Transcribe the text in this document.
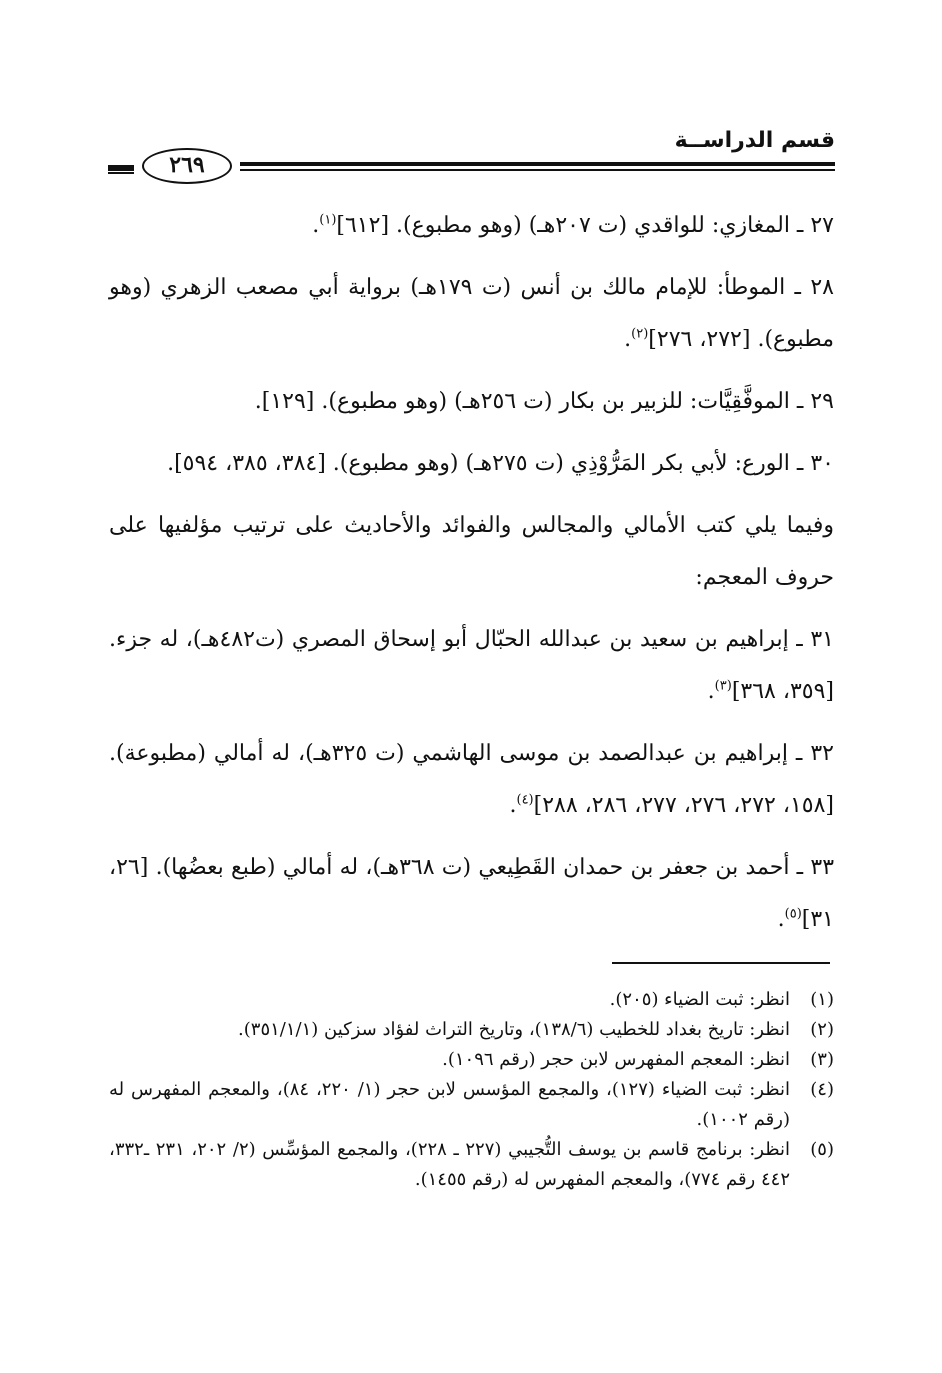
قسم الدراســة
٢٦٩

٢٧ ـ المغازي: للواقدي (ت ٢٠٧هـ) (وهو مطبوع). [٦١٢]$^{(١)}$.

٢٨ ـ الموطأ: للإمام مالك بن أنس (ت ١٧٩هـ) برواية أبي مصعب الزهري (وهو مطبوع). [٢٧٢، ٢٧٦]$^{(٢)}$.

٢٩ ـ الموفَّقِيَّات: للزبير بن بكار (ت ٢٥٦هـ) (وهو مطبوع). [١٢٩].

٣٠ ـ الورع: لأبي بكر المَرُّوْذِي (ت ٢٧٥هـ) (وهو مطبوع). [٣٨٤، ٣٨٥، ٥٩٤].

وفيما يلي كتب الأمالي والمجالس والفوائد والأحاديث على ترتيب مؤلفيها على حروف المعجم:

٣١ ـ إبراهيم بن سعيد بن عبدالله الحبّال أبو إسحاق المصري (ت٤٨٢هـ)، له جزء. [٣٥٩، ٣٦٨]$^{(٣)}$.

٣٢ ـ إبراهيم بن عبدالصمد بن موسى الهاشمي (ت ٣٢٥هـ)، له أمالي (مطبوعة). [١٥٨، ٢٧٢، ٢٧٦، ٢٧٧، ٢٨٦، ٢٨٨]$^{(٤)}$.

٣٣ ـ أحمد بن جعفر بن حمدان القَطِيعي (ت ٣٦٨هـ)، له أمالي (طبع بعضُها). [٢٦، ٣١]$^{(٥)}$.

(١)
انظر: ثبت الضياء (٢٠٥).
(٢)
انظر: تاريخ بغداد للخطيب (١٣٨/٦)، وتاريخ التراث لفؤاد سزكين (٣٥١/١/١).
(٣)
انظر: المعجم المفهرس لابن حجر (رقم ١٠٩٦).
(٤)
انظر: ثبت الضياء (١٢٧)، والمجمع المؤسس لابن حجر (١/ ٢٢٠، ٨٤)، والمعجم المفهرس له (رقم ١٠٠٢).
(٥)
انظر: برنامج قاسم بن يوسف التُّجيبي (٢٢٧ ـ ٢٢٨)، والمجمع المؤسِّس (٢/ ٢٠٢، ٢٣١ ـ٣٣٢، ٤٤٢ رقم ٧٧٤)، والمعجم المفهرس له (رقم ١٤٥٥).
